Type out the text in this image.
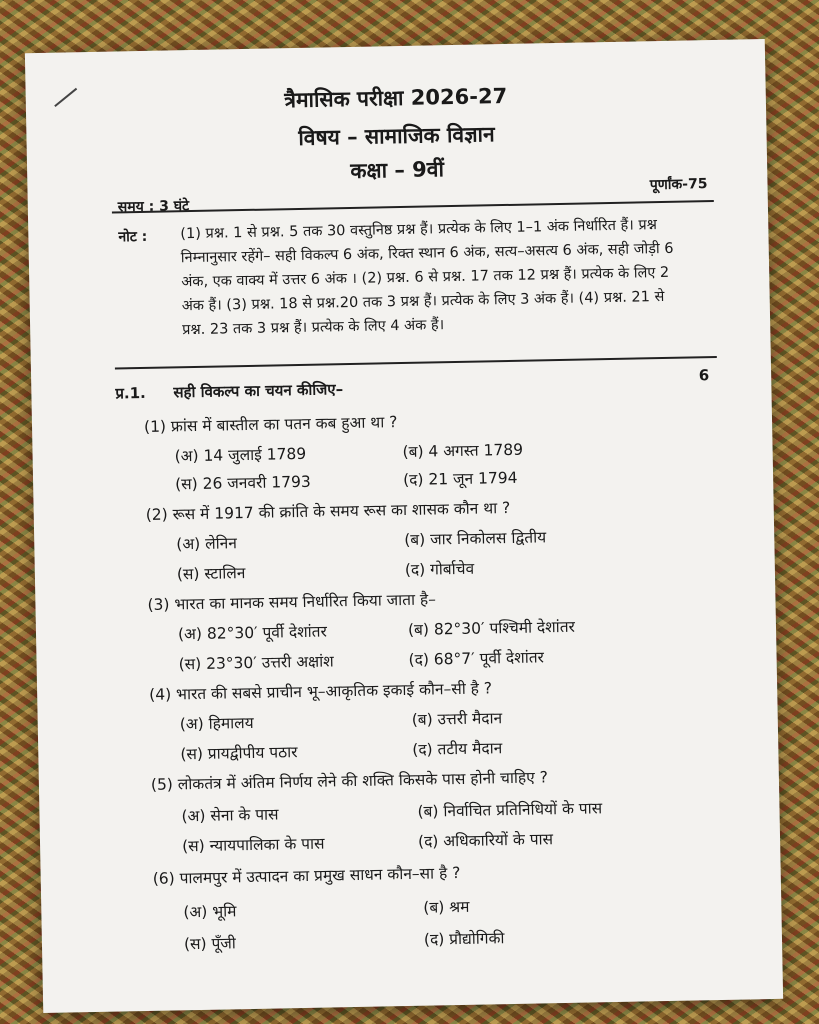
त्रैमासिक परीक्षा 2026-27
विषय – सामाजिक विज्ञान
कक्षा – 9वीं
समय : 3 घंटे
पूर्णांक-75
नोट : (1) प्रश्न. 1 से प्रश्न. 5 तक 30 वस्तुनिष्ठ प्रश्न हैं। प्रत्येक के लिए 1–1 अंक निर्धारित हैं। प्रश्न निम्नानुसार रहेंगे– सही विकल्प 6 अंक, रिक्त स्थान 6 अंक, सत्य–असत्य 6 अंक, सही जोड़ी 6 अंक, एक वाक्य में उत्तर 6 अंक । (2) प्रश्न. 6 से प्रश्न. 17 तक 12 प्रश्न हैं। प्रत्येक के लिए 2 अंक हैं। (3) प्रश्न. 18 से प्रश्न.20 तक 3 प्रश्न हैं। प्रत्येक के लिए 3 अंक हैं। (4) प्रश्न. 21 से प्रश्न. 23 तक 3 प्रश्न हैं। प्रत्येक के लिए 4 अंक हैं।
प्र.1. सही विकल्प का चयन कीजिए–
6
(1) फ्रांस में बास्तील का पतन कब हुआ था ?
(अ) 14 जुलाई 1789	(ब) 4 अगस्त 1789
(स) 26 जनवरी 1793	(द) 21 जून 1794
(2) रूस में 1917 की क्रांति के समय रूस का शासक कौन था ?
(अ) लेनिन	(ब) जार निकोलस द्वितीय
(स) स्टालिन	(द) गोर्बाचेव
(3) भारत का मानक समय निर्धारित किया जाता है–
(अ) 82°30′ पूर्वी देशांतर	(ब) 82°30′ पश्चिमी देशांतर
(स) 23°30′ उत्तरी अक्षांश	(द) 68°7′ पूर्वी देशांतर
(4) भारत की सबसे प्राचीन भू–आकृतिक इकाई कौन–सी है ?
(अ) हिमालय	(ब) उत्तरी मैदान
(स) प्रायद्वीपीय पठार	(द) तटीय मैदान
(5) लोकतंत्र में अंतिम निर्णय लेने की शक्ति किसके पास होनी चाहिए ?
(अ) सेना के पास	(ब) निर्वाचित प्रतिनिधियों के पास
(स) न्यायपालिका के पास	(द) अधिकारियों के पास
(6) पालमपुर में उत्पादन का प्रमुख साधन कौन–सा है ?
(अ) भूमि	(ब) श्रम
(स) पूँजी	(द) प्रौद्योगिकी
